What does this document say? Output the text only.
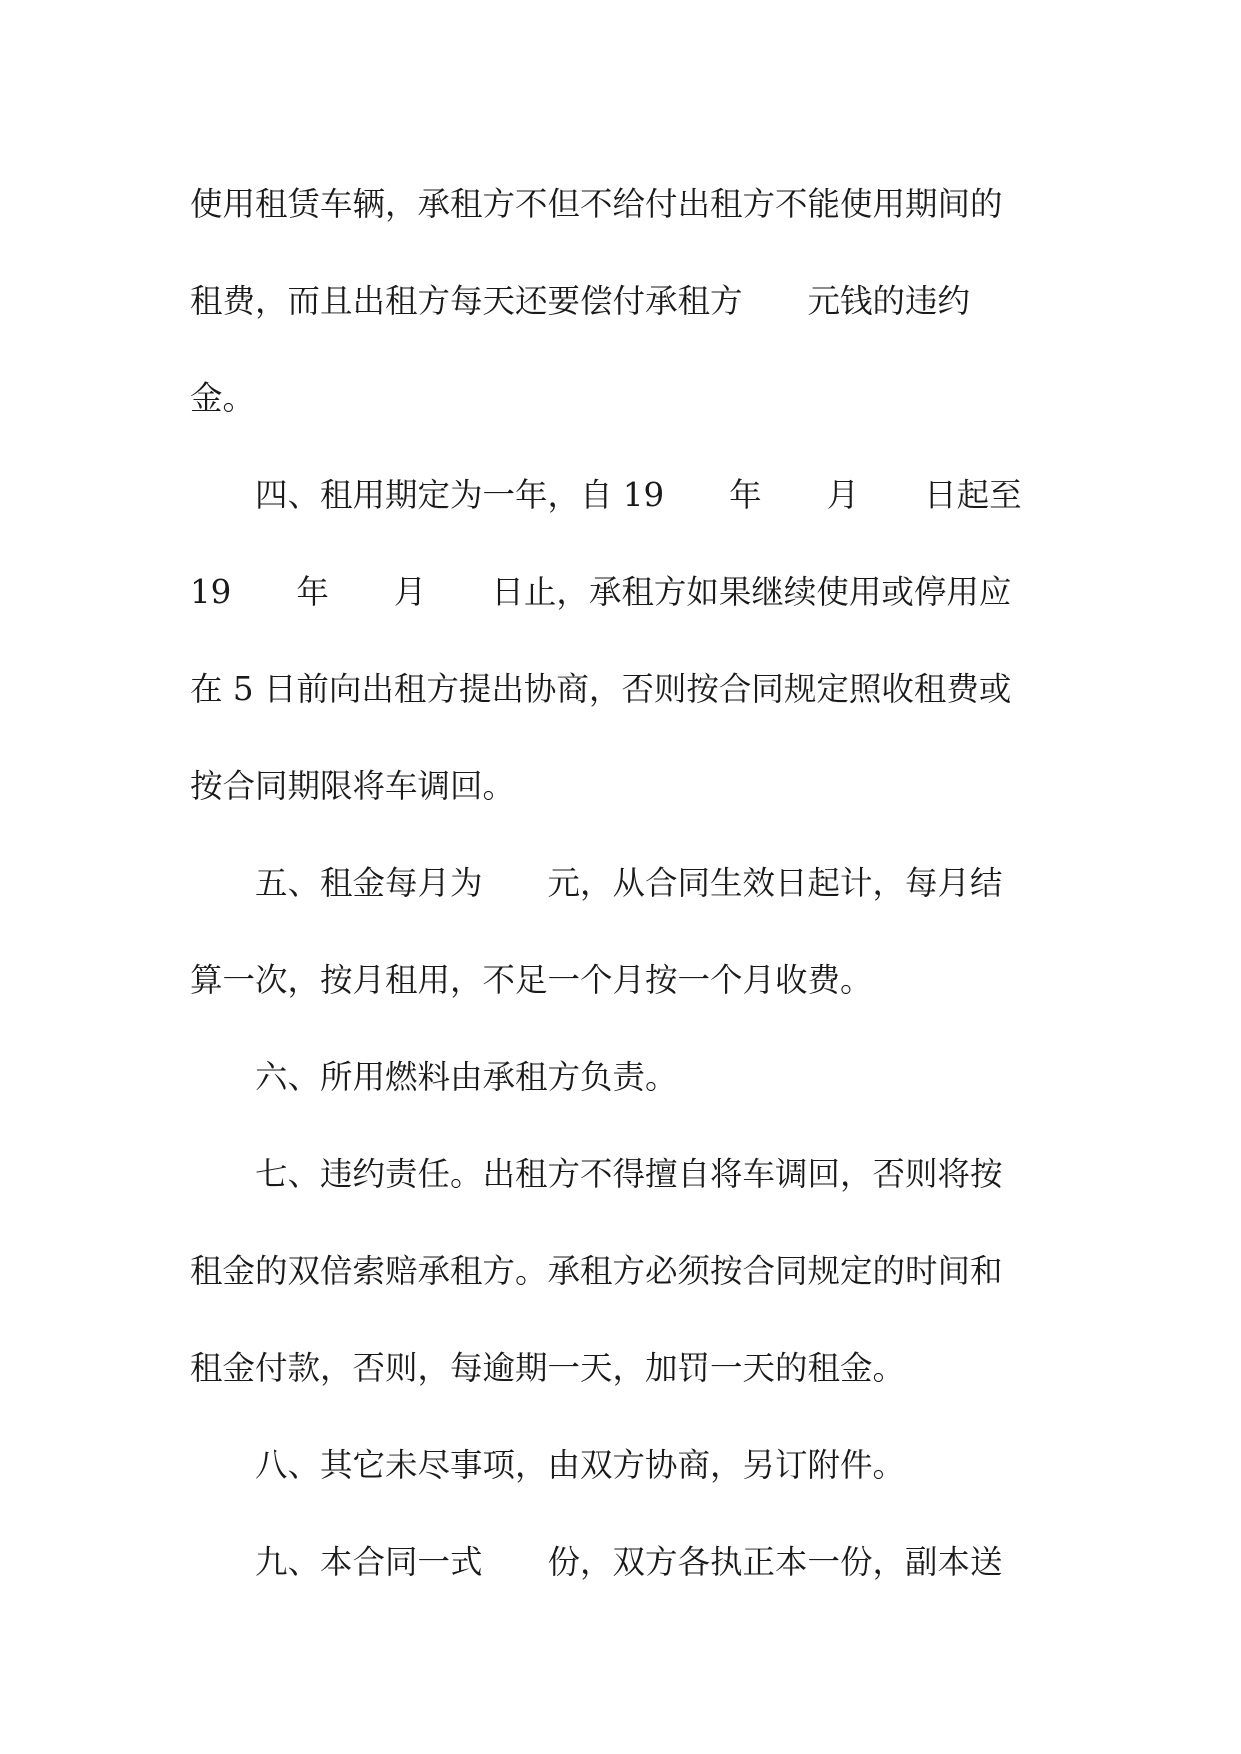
使用租赁车辆，承租方不但不给付出租方不能使用期间的
租费，而且出租方每天还要偿付承租方　　元钱的违约
金。
　　四、租用期定为一年，自 19　　年　　月　　日起至
19　　年　　月　　日止，承租方如果继续使用或停用应
在 5 日前向出租方提出协商，否则按合同规定照收租费或
按合同期限将车调回。
　　五、租金每月为　　元，从合同生效日起计，每月结
算一次，按月租用，不足一个月按一个月收费。
　　六、所用燃料由承租方负责。
　　七、违约责任。出租方不得擅自将车调回，否则将按
租金的双倍索赔承租方。承租方必须按合同规定的时间和
租金付款，否则，每逾期一天，加罚一天的租金。
　　八、其它未尽事项，由双方协商，另订附件。
　　九、本合同一式　　份，双方各执正本一份，副本送
